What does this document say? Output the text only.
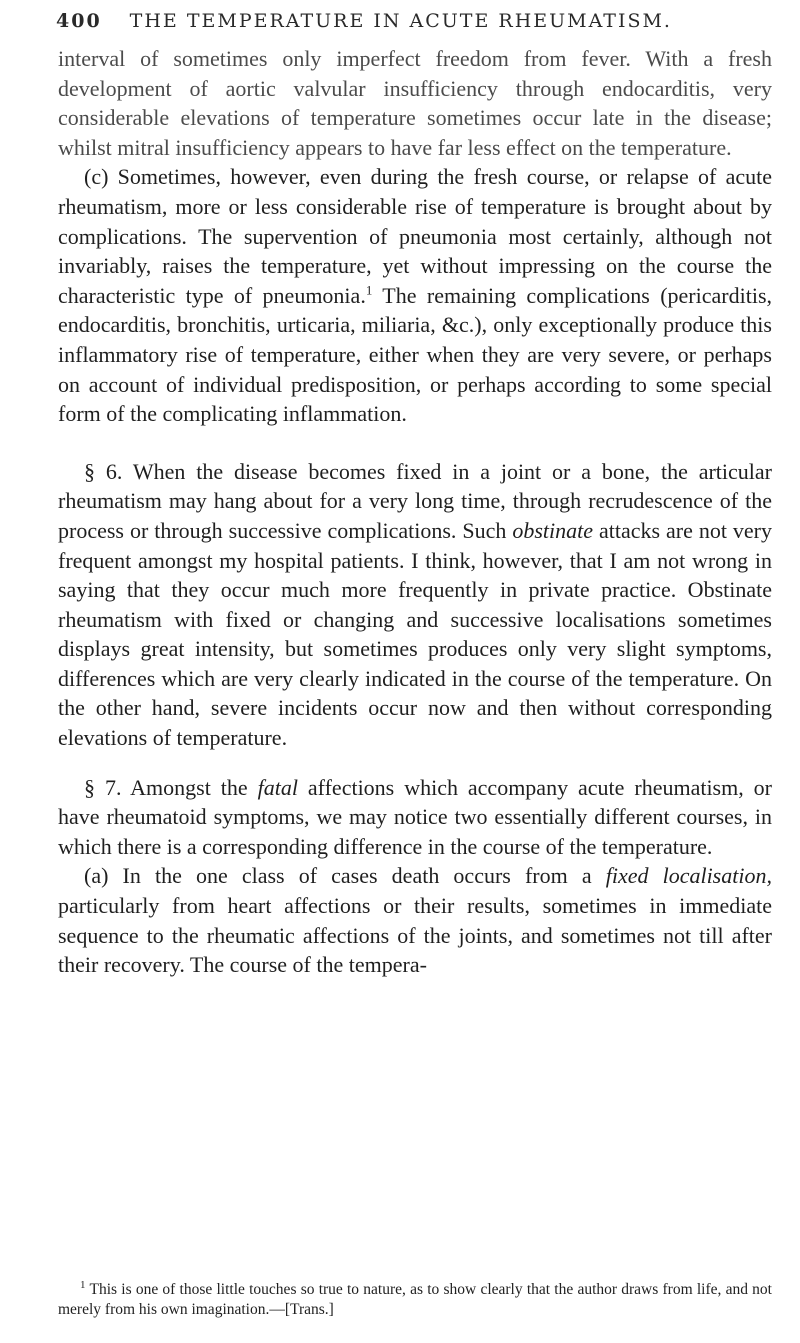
400 THE TEMPERATURE IN ACUTE RHEUMATISM.

interval of sometimes only imperfect freedom from fever. With a fresh development of aortic valvular insufficiency through endocarditis, very considerable elevations of temperature sometimes occur late in the disease; whilst mitral insufficiency appears to have far less effect on the temperature.

(c) Sometimes, however, even during the fresh course, or relapse of acute rheumatism, more or less considerable rise of temperature is brought about by complications. The supervention of pneumonia most certainly, although not invariably, raises the temperature, yet without impressing on the course the characteristic type of pneumonia.$^1$ The remaining complications (pericarditis, endocarditis, bronchitis, urticaria, miliaria, &c.), only exceptionally produce this inflammatory rise of temperature, either when they are very severe, or perhaps on account of individual predisposition, or perhaps according to some special form of the complicating inflammation.

§ 6. When the disease becomes fixed in a joint or a bone, the articular rheumatism may hang about for a very long time, through recrudescence of the process or through successive complications. Such obstinate attacks are not very frequent amongst my hospital patients. I think, however, that I am not wrong in saying that they occur much more frequently in private practice. Obstinate rheumatism with fixed or changing and successive localisations sometimes displays great intensity, but sometimes produces only very slight symptoms, differences which are very clearly indicated in the course of the temperature. On the other hand, severe incidents occur now and then without corresponding elevations of temperature.

§ 7. Amongst the fatal affections which accompany acute rheumatism, or have rheumatoid symptoms, we may notice two essentially different courses, in which there is a corresponding difference in the course of the temperature.

(a) In the one class of cases death occurs from a fixed localisation, particularly from heart affections or their results, sometimes in immediate sequence to the rheumatic affections of the joints, and sometimes not till after their recovery. The course of the tempera-

$^1$ This is one of those little touches so true to nature, as to show clearly that the author draws from life, and not merely from his own imagination.—[Trans.]
